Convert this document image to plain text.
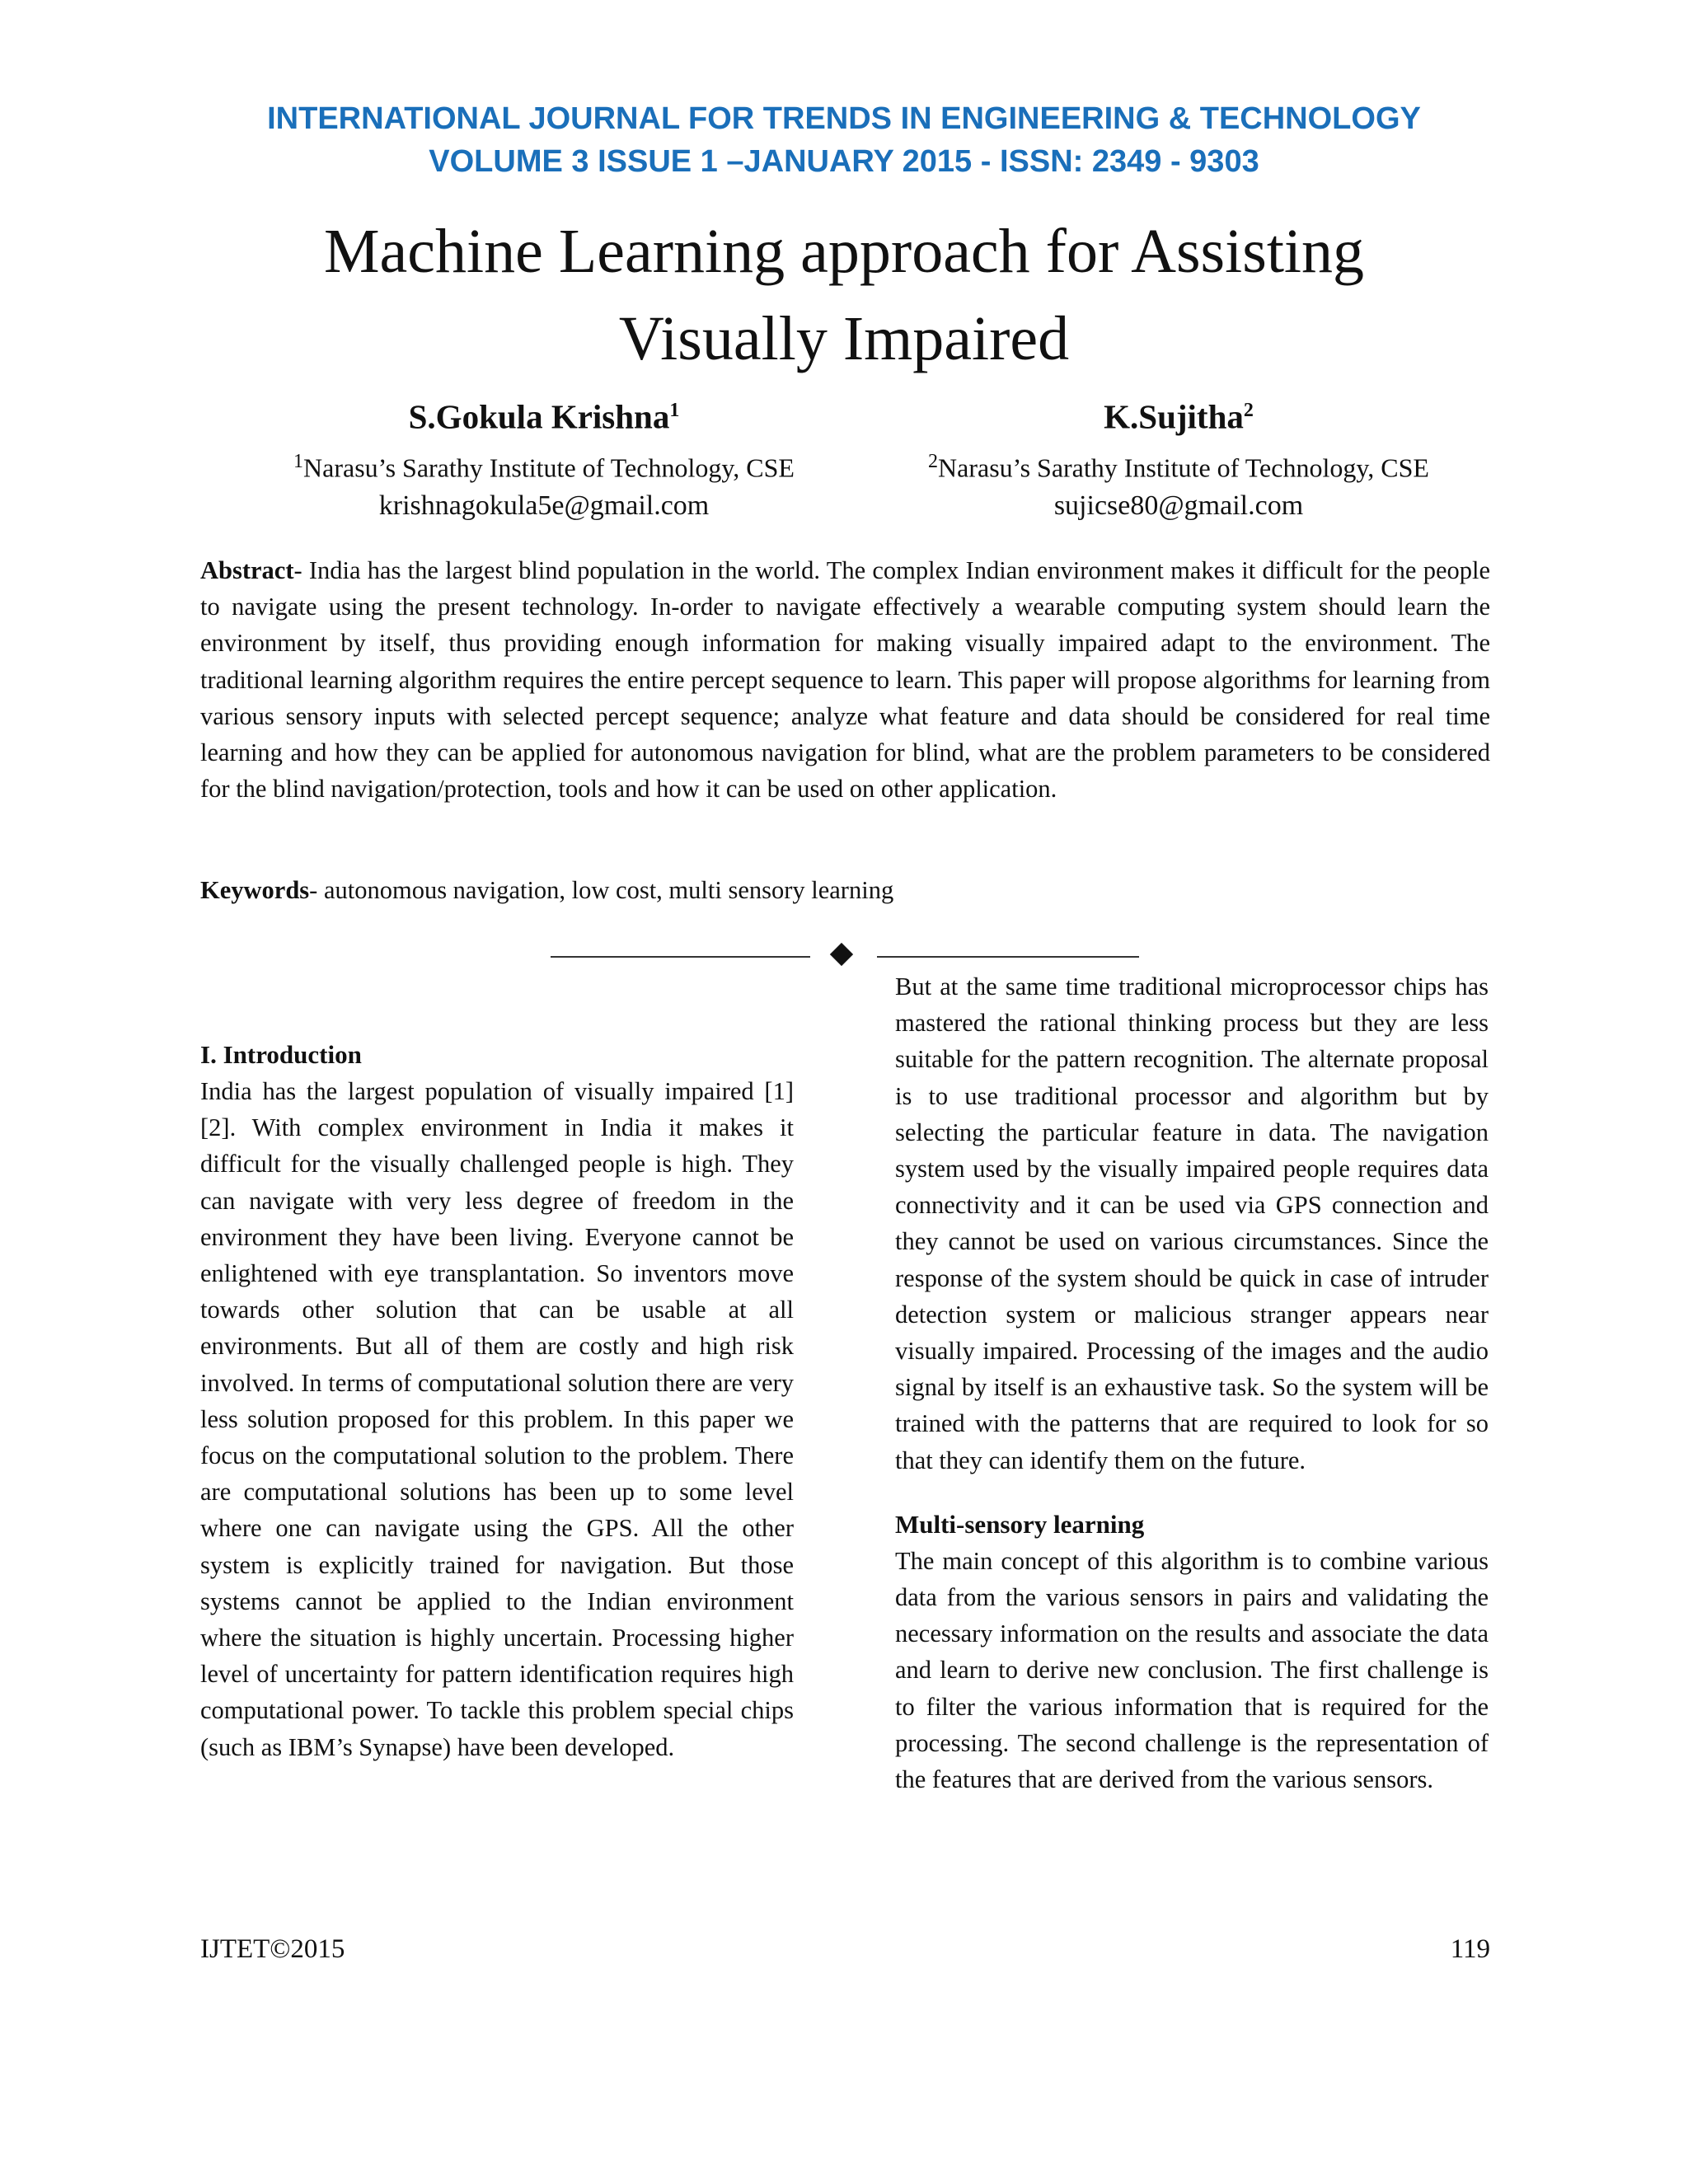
INTERNATIONAL JOURNAL FOR TRENDS IN ENGINEERING & TECHNOLOGY
VOLUME 3 ISSUE 1 –JANUARY 2015 - ISSN: 2349 - 9303
Machine Learning approach for Assisting
Visually Impaired
S.Gokula Krishna$^1$
$^1$Narasu’s Sarathy Institute of Technology, CSE
krishnagokula5e@gmail.com
K.Sujitha$^2$
$^2$Narasu’s Sarathy Institute of Technology, CSE
sujicse80@gmail.com

Abstract- India has the largest blind population in the world. The complex Indian environment makes it difficult for the people to navigate using the present technology. In-order to navigate effectively a wearable computing system should learn the environment by itself, thus providing enough information for making visually impaired adapt to the environment. The traditional learning algorithm requires the entire percept sequence to learn. This paper will propose algorithms for learning from various sensory inputs with selected percept sequence; analyze what feature and data should be considered for real time learning and how they can be applied for autonomous navigation for blind, what are the problem parameters to be considered for the blind navigation/protection, tools and how it can be used on other application.

Keywords- autonomous navigation, low cost, multi sensory learning

I. Introduction

India has the largest population of visually impaired [1] [2]. With complex environment in India it makes it difficult for the visually challenged people is high. They can navigate with very less degree of freedom in the environment they have been living. Everyone cannot be enlightened with eye transplantation. So inventors move towards other solution that can be usable at all environments. But all of them are costly and high risk involved. In terms of computational solution there are very less solution proposed for this problem. In this paper we focus on the computational solution to the problem. There are computational solutions has been up to some level where one can navigate using the GPS. All the other system is explicitly trained for navigation. But those systems cannot be applied to the Indian environment where the situation is highly uncertain. Processing higher level of uncertainty for pattern identification requires high computational power. To tackle this problem special chips (such as IBM’s Synapse) have been developed.

But at the same time traditional microprocessor chips has mastered the rational thinking process but they are less suitable for the pattern recognition. The alternate proposal is to use traditional processor and algorithm but by selecting the particular feature in data. The navigation system used by the visually impaired people requires data connectivity and it can be used via GPS connection and they cannot be used on various circumstances. Since the response of the system should be quick in case of intruder detection system or malicious stranger appears near visually impaired. Processing of the images and the audio signal by itself is an exhaustive task. So the system will be trained with the patterns that are required to look for so that they can identify them on the future.

Multi-sensory learning

The main concept of this algorithm is to combine various data from the various sensors in pairs and validating the necessary information on the results and associate the data and learn to derive new conclusion. The first challenge is to filter the various information that is required for the processing. The second challenge is the representation of the features that are derived from the various sensors.

IJTET©2015	119
